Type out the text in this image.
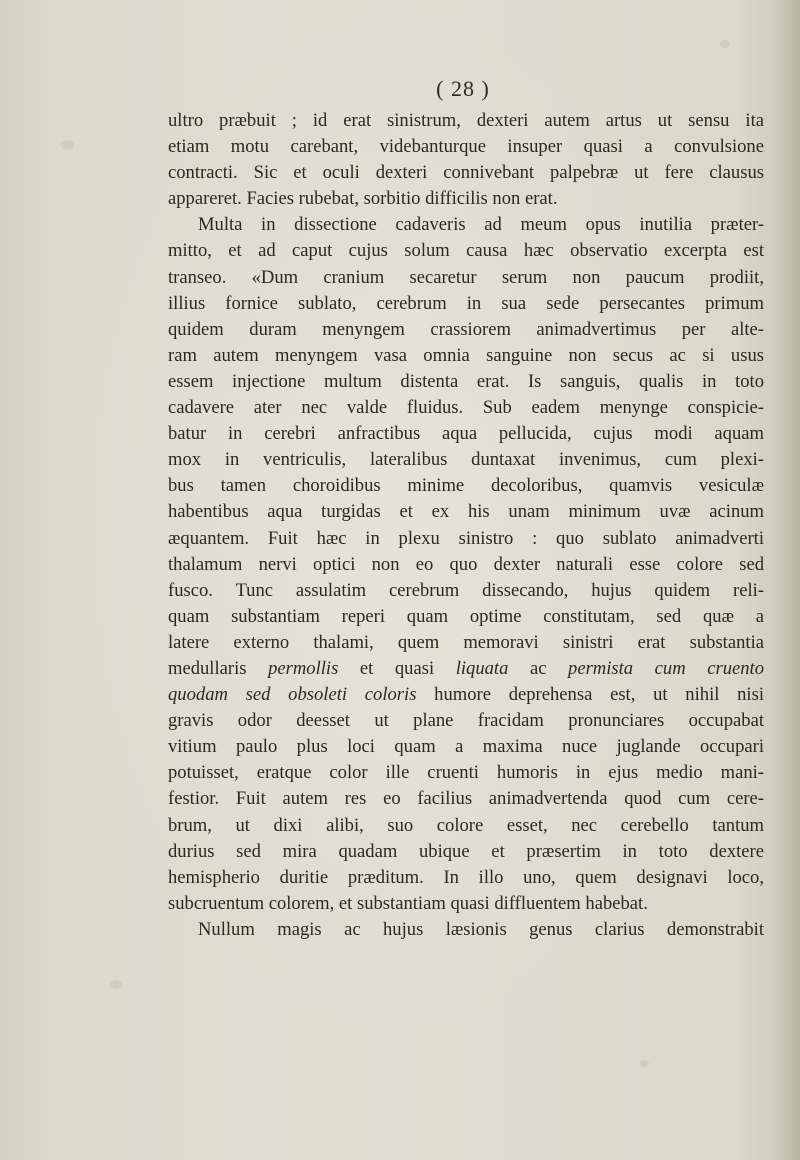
( 28 )
ultro præbuit ; id erat sinistrum, dexteri autem artus ut sensu ita
etiam motu carebant, videbanturque insuper quasi a convulsione
contracti. Sic et oculi dexteri connivebant palpebræ ut fere clausus
appareret. Facies rubebat, sorbitio difficilis non erat.
Multa in dissectione cadaveris ad meum opus inutilia præter-
mitto, et ad caput cujus solum causa hæc observatio excerpta est
transeo. «Dum cranium secaretur serum non paucum prodiit,
illius fornice sublato, cerebrum in sua sede persecantes primum
quidem duram menyngem crassiorem animadvertimus per alte-
ram autem menyngem vasa omnia sanguine non secus ac si usus
essem injectione multum distenta erat. Is sanguis, qualis in toto
cadavere ater nec valde fluidus. Sub eadem menynge conspicie-
batur in cerebri anfractibus aqua pellucida, cujus modi aquam
mox in ventriculis, lateralibus duntaxat invenimus, cum plexi-
bus tamen choroidibus minime decoloribus, quamvis vesiculæ
habentibus aqua turgidas et ex his unam minimum uvæ acinum
æquantem. Fuit hæc in plexu sinistro : quo sublato animadverti
thalamum nervi optici non eo quo dexter naturali esse colore sed
fusco. Tunc assulatim cerebrum dissecando, hujus quidem reli-
quam substantiam reperi quam optime constitutam, sed quæ a
latere externo thalami, quem memoravi sinistri erat substantia
medullaris permollis et quasi liquata ac permista cum cruento
quodam sed obsoleti coloris humore deprehensa est, ut nihil nisi
gravis odor deesset ut plane fracidam pronunciares occupabat
vitium paulo plus loci quam a maxima nuce juglande occupari
potuisset, eratque color ille cruenti humoris in ejus medio mani-
festior. Fuit autem res eo facilius animadvertenda quod cum cere-
brum, ut dixi alibi, suo colore esset, nec cerebello tantum
durius sed mira quadam ubique et præsertim in toto dextere
hemispherio duritie præditum. In illo uno, quem designavi loco,
subcruentum colorem, et substantiam quasi diffluentem habebat.
Nullum magis ac hujus læsionis genus clarius demonstrabit
